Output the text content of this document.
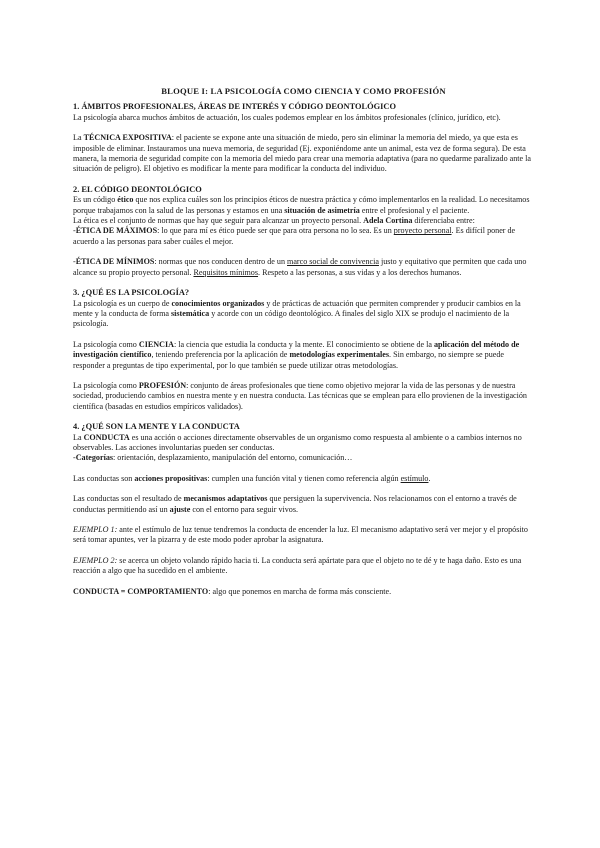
BLOQUE I: LA PSICOLOGÍA COMO CIENCIA Y COMO PROFESIÓN

1. ÁMBITOS PROFESIONALES, ÁREAS DE INTERÉS Y CÓDIGO DEONTOLÓGICO

La psicología abarca muchos ámbitos de actuación, los cuales podemos emplear en los ámbitos profesionales (clínico, jurídico, etc).

La TÉCNICA EXPOSITIVA: el paciente se expone ante una situación de miedo, pero sin eliminar la memoria del miedo, ya que esta es imposible de eliminar. Instauramos una nueva memoria, de seguridad (Ej. exponiéndome ante un animal, esta vez de forma segura). De esta manera, la memoria de seguridad compite con la memoria del miedo para crear una memoria adaptativa (para no quedarme paralizado ante la situación de peligro). El objetivo es modificar la mente para modificar la conducta del individuo.

2. EL CÓDIGO DEONTOLÓGICO

Es un código ético que nos explica cuáles son los principios éticos de nuestra práctica y cómo implementarlos en la realidad. Lo necesitamos porque trabajamos con la salud de las personas y estamos en una situación de asimetría entre el profesional y el paciente.

La ética es el conjunto de normas que hay que seguir para alcanzar un proyecto personal. Adela Cortina diferenciaba entre:

-ÉTICA DE MÁXIMOS: lo que para mí es ético puede ser que para otra persona no lo sea. Es un proyecto personal. Es difícil poner de acuerdo a las personas para saber cuáles el mejor.

-ÉTICA DE MÍNIMOS: normas que nos conducen dentro de un marco social de convivencia justo y equitativo que permiten que cada uno alcance su propio proyecto personal. Requisitos mínimos. Respeto a las personas, a sus vidas y a los derechos humanos.

3. ¿QUÉ ES LA PSICOLOGÍA?

La psicología es un cuerpo de conocimientos organizados y de prácticas de actuación que permiten comprender y producir cambios en la mente y la conducta de forma sistemática y acorde con un código deontológico. A finales del siglo XIX se produjo el nacimiento de la psicología.

La psicología como CIENCIA: la ciencia que estudia la conducta y la mente. El conocimiento se obtiene de la aplicación del método de investigación científico, teniendo preferencia por la aplicación de metodologías experimentales. Sin embargo, no siempre se puede responder a preguntas de tipo experimental, por lo que también se puede utilizar otras metodologías.

La psicología como PROFESIÓN: conjunto de áreas profesionales que tiene como objetivo mejorar la vida de las personas y de nuestra sociedad, produciendo cambios en nuestra mente y en nuestra conducta. Las técnicas que se emplean para ello provienen de la investigación científica (basadas en estudios empíricos validados).

4. ¿QUÉ SON LA MENTE Y LA CONDUCTA

La CONDUCTA es una acción o acciones directamente observables de un organismo como respuesta al ambiente o a cambios internos no observables. Las acciones involuntarias pueden ser conductas.

-Categorías: orientación, desplazamiento, manipulación del entorno, comunicación…

Las conductas son acciones propositivas: cumplen una función vital y tienen como referencia algún estímulo.

Las conductas son el resultado de mecanismos adaptativos que persiguen la supervivencia. Nos relacionamos con el entorno a través de conductas permitiendo así un ajuste con el entorno para seguir vivos.

EJEMPLO 1: ante el estímulo de luz tenue tendremos la conducta de encender la luz. El mecanismo adaptativo será ver mejor y el propósito será tomar apuntes, ver la pizarra y de este modo poder aprobar la asignatura.

EJEMPLO 2: se acerca un objeto volando rápido hacia ti. La conducta será apártate para que el objeto no te dé y te haga daño. Esto es una reacción a algo que ha sucedido en el ambiente.

CONDUCTA = COMPORTAMIENTO: algo que ponemos en marcha de forma más consciente.
